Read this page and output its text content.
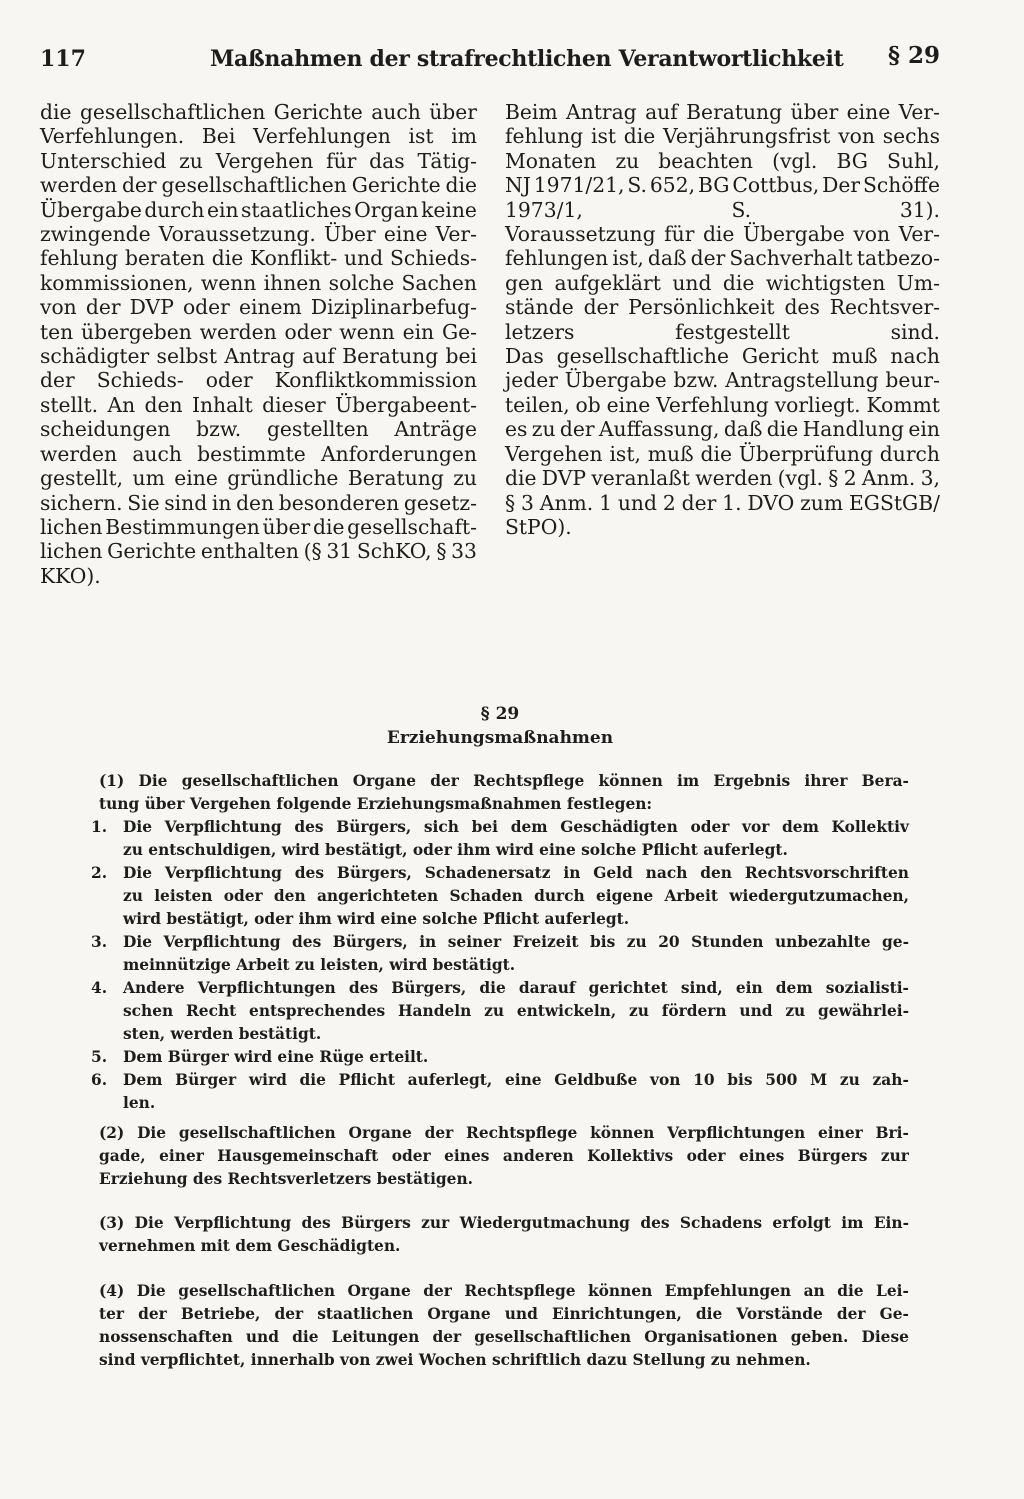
117	Maßnahmen der strafrechtlichen Verantwortlichkeit § 29
die gesellschaftlichen Gerichte auch über
Verfehlungen. Bei Verfehlungen ist im
Unterschied zu Vergehen für das Tätig-
werden der gesellschaftlichen Gerichte die
Übergabe durch ein staatliches Organ keine
zwingende Voraussetzung. Über eine Ver-
fehlung beraten die Konflikt- und Schieds-
kommissionen, wenn ihnen solche Sachen
von der DVP oder einem Diziplinarbefug-
ten übergeben werden oder wenn ein Ge-
schädigter selbst Antrag auf Beratung bei
der Schieds- oder Konfliktkommission
stellt. An den Inhalt dieser Übergabeent-
scheidungen bzw. gestellten Anträge
werden auch bestimmte Anforderungen
gestellt, um eine gründliche Beratung zu
sichern. Sie sind in den besonderen gesetz-
lichen Bestimmungen über die gesellschaft-
lichen Gerichte enthalten (§ 31 SchKO, § 33
KKO).
Beim Antrag auf Beratung über eine Ver-
fehlung ist die Verjährungsfrist von sechs
Monaten zu beachten (vgl. BG Suhl,
NJ 1971/21, S. 652, BG Cottbus, Der Schöffe
1973/1, S. 31).
Voraussetzung für die Übergabe von Ver-
fehlungen ist, daß der Sachverhalt tatbezo-
gen aufgeklärt und die wichtigsten Um-
stände der Persönlichkeit des Rechtsver-
letzers festgestellt sind.
Das gesellschaftliche Gericht muß nach
jeder Übergabe bzw. Antragstellung beur-
teilen, ob eine Verfehlung vorliegt. Kommt
es zu der Auffassung, daß die Handlung ein
Vergehen ist, muß die Überprüfung durch
die DVP veranlaßt werden (vgl. § 2 Anm. 3,
§ 3 Anm. 1 und 2 der 1. DVO zum EGStGB/
StPO).
§ 29
Erziehungsmaßnahmen
(1) Die gesellschaftlichen Organe der Rechtspflege können im Ergebnis ihrer Bera-
tung über Vergehen folgende Erziehungsmaßnahmen festlegen:
1. Die Verpflichtung des Bürgers, sich bei dem Geschädigten oder vor dem Kollektiv
zu entschuldigen, wird bestätigt, oder ihm wird eine solche Pflicht auferlegt.
2. Die Verpflichtung des Bürgers, Schadenersatz in Geld nach den Rechtsvorschriften
zu leisten oder den angerichteten Schaden durch eigene Arbeit wiedergutzumachen,
wird bestätigt, oder ihm wird eine solche Pflicht auferlegt.
3. Die Verpflichtung des Bürgers, in seiner Freizeit bis zu 20 Stunden unbezahlte ge-
meinnützige Arbeit zu leisten, wird bestätigt.
4. Andere Verpflichtungen des Bürgers, die darauf gerichtet sind, ein dem sozialisti-
schen Recht entsprechendes Handeln zu entwickeln, zu fördern und zu gewährlei-
sten, werden bestätigt.
5. Dem Bürger wird eine Rüge erteilt.
6. Dem Bürger wird die Pflicht auferlegt, eine Geldbuße von 10 bis 500 M zu zah-
len.
(2) Die gesellschaftlichen Organe der Rechtspflege können Verpflichtungen einer Bri-
gade, einer Hausgemeinschaft oder eines anderen Kollektivs oder eines Bürgers zur
Erziehung des Rechtsverletzers bestätigen.
(3) Die Verpflichtung des Bürgers zur Wiedergutmachung des Schadens erfolgt im Ein-
vernehmen mit dem Geschädigten.
(4) Die gesellschaftlichen Organe der Rechtspflege können Empfehlungen an die Lei-
ter der Betriebe, der staatlichen Organe und Einrichtungen, die Vorstände der Ge-
nossenschaften und die Leitungen der gesellschaftlichen Organisationen geben. Diese
sind verpflichtet, innerhalb von zwei Wochen schriftlich dazu Stellung zu nehmen.
